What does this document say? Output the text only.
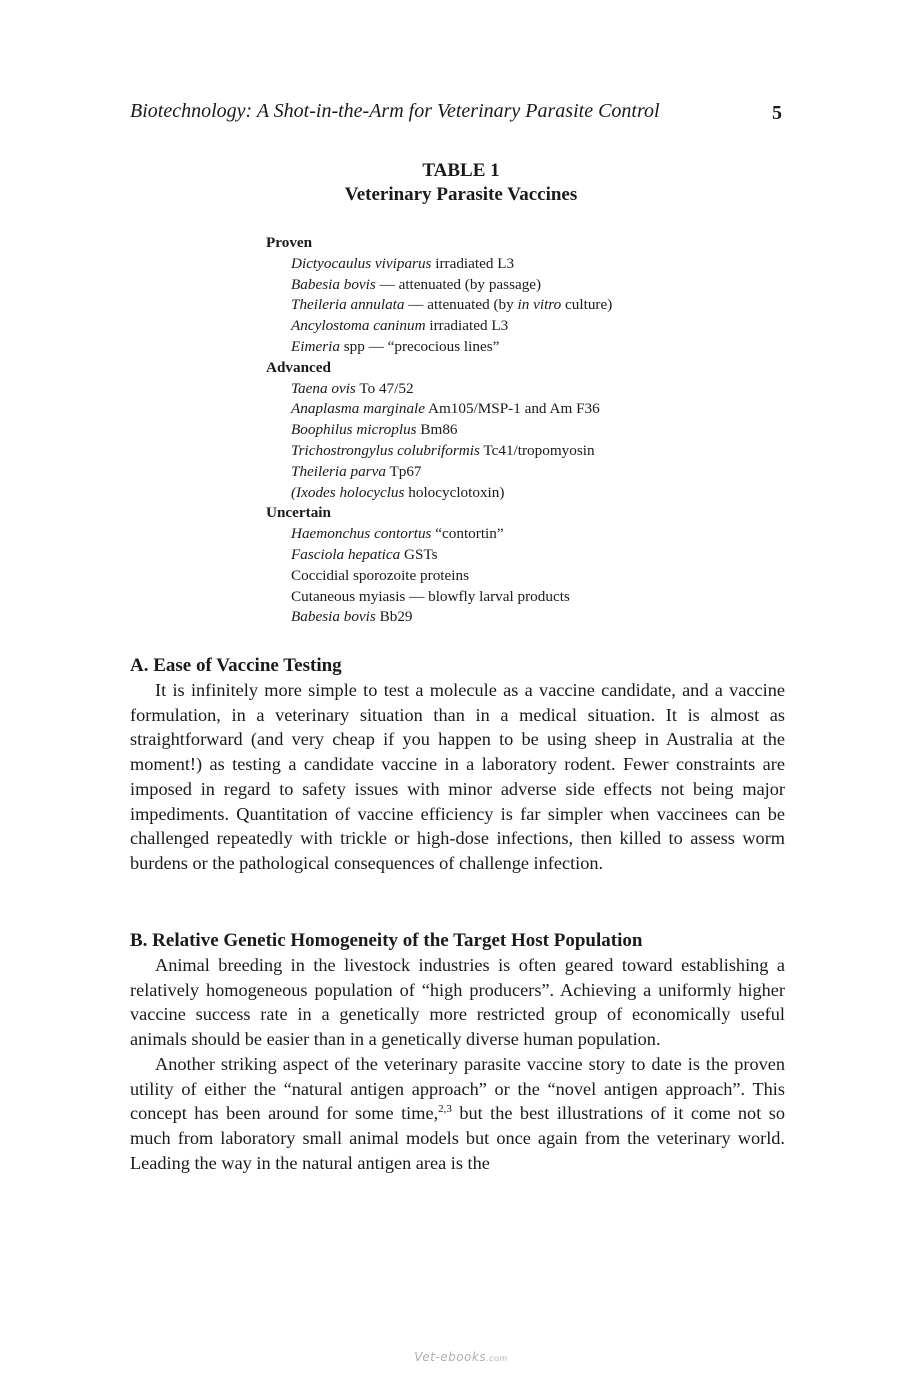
Biotechnology: A Shot-in-the-Arm for Veterinary Parasite Control	5
TABLE 1
Veterinary Parasite Vaccines
Proven
Dictyocaulus viviparus irradiated L3
Babesia bovis — attenuated (by passage)
Theileria annulata — attenuated (by in vitro culture)
Ancylostoma caninum irradiated L3
Eimeria spp — “precocious lines”
Advanced
Taena ovis To 47/52
Anaplasma marginale Am105/MSP-1 and Am F36
Boophilus microplus Bm86
Trichostrongylus colubriformis Tc41/tropomyosin
Theileria parva Tp67
(Ixodes holocyclus holocyclotoxin)
Uncertain
Haemonchus contortus “contortin”
Fasciola hepatica GSTs
Coccidial sporozoite proteins
Cutaneous myiasis — blowfly larval products
Babesia bovis Bb29
A. Ease of Vaccine Testing

It is infinitely more simple to test a molecule as a vaccine candidate, and a vaccine formulation, in a veterinary situation than in a medical situation. It is almost as straightforward (and very cheap if you happen to be using sheep in Australia at the moment!) as testing a candidate vaccine in a laboratory rodent. Fewer constraints are imposed in regard to safety issues with minor adverse side effects not being major impediments. Quantitation of vaccine efficiency is far simpler when vaccinees can be challenged repeatedly with trickle or high-dose infections, then killed to assess worm burdens or the pathological consequences of challenge infection.

B. Relative Genetic Homogeneity of the Target Host Population

Animal breeding in the livestock industries is often geared toward establishing a relatively homogeneous population of “high producers”. Achieving a uniformly higher vaccine success rate in a genetically more restricted group of economically useful animals should be easier than in a genetically diverse human population.

Another striking aspect of the veterinary parasite vaccine story to date is the proven utility of either the “natural antigen approach” or the “novel antigen approach”. This concept has been around for some time,$^{2,3}$ but the best illustrations of it come not so much from laboratory small animal models but once again from the veterinary world. Leading the way in the natural antigen area is the

Vet-ebooks.com
